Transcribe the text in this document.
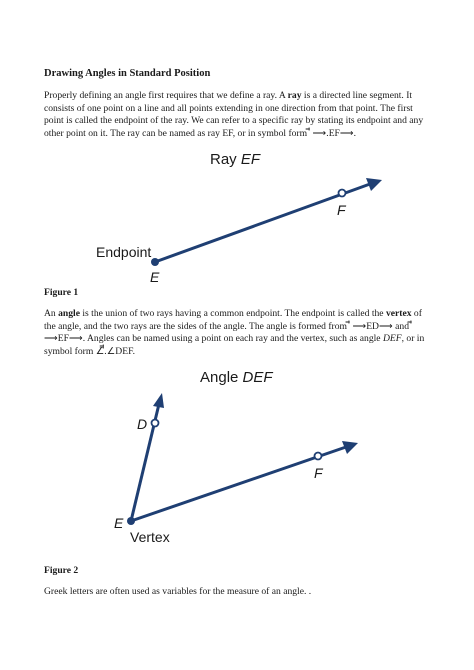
Drawing Angles in Standard Position
Properly defining an angle first requires that we define a ray. A ray is a directed line segment. It consists of one point on a line and all points extending in one direction from that point. The first point is called the endpoint of the ray. We can refer to a specific ray by stating its endpoint and any other point on it. The ray can be named as ray EF, or in symbol form ⃗⃗ ⟶.EF⟶.
Ray EF
Endpoint
E
F
Figure 1
An angle is the union of two rays having a common endpoint. The endpoint is called the vertex of the angle, and the two rays are the sides of the angle. The angle is formed from ⃗⃗ ⟶ED⟶ and ⟶EF⟶. Angles can be named using a point on each ray and the vertex, such as angle DEF, or in symbol form ∠⃗⃗⃗.∠DEF.
Angle DEF
D
E
F
Vertex
Figure 2
Greek letters are often used as variables for the measure of an angle. .
